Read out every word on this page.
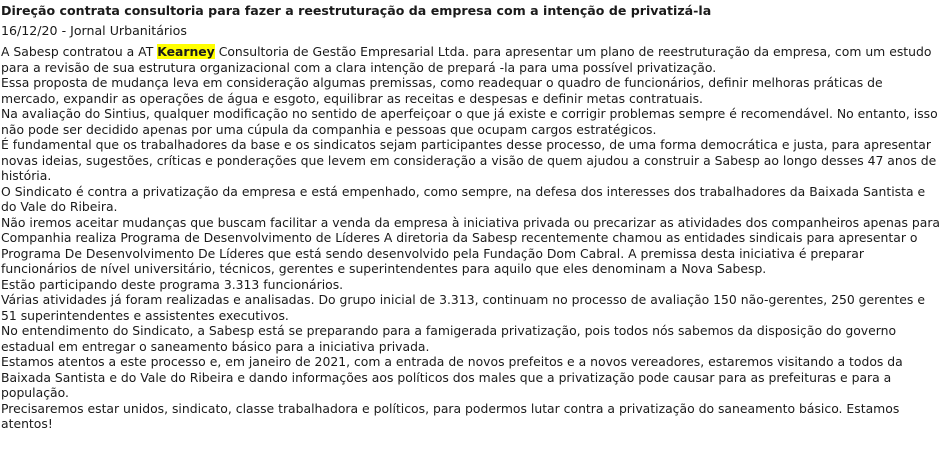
Direção contrata consultoria para fazer a reestruturação da empresa com a intenção de privatizá-la
16/12/20 - Jornal Urbanitários

A Sabesp contratou a AT Kearney Consultoria de Gestão Empresarial Ltda. para apresentar um plano de reestruturação da empresa, com um estudo para a revisão de sua estrutura organizacional com a clara intenção de prepará -la para uma possível privatização.

Essa proposta de mudança leva em consideração algumas premissas, como readequar o quadro de funcionários, definir melhoras práticas de mercado, expandir as operações de água e esgoto, equilibrar as receitas e despesas e definir metas contratuais.

Na avaliação do Sintius, qualquer modificação no sentido de aperfeiçoar o que já existe e corrigir problemas sempre é recomendável. No entanto, isso não pode ser decidido apenas por uma cúpula da companhia e pessoas que ocupam cargos estratégicos.

É fundamental que os trabalhadores da base e os sindicatos sejam participantes desse processo, de uma forma democrática e justa, para apresentar novas ideias, sugestões, críticas e ponderações que levem em consideração a visão de quem ajudou a construir a Sabesp ao longo desses 47 anos de história.

O Sindicato é contra a privatização da empresa e está empenhado, como sempre, na defesa dos interesses dos trabalhadores da Baixada Santista e do Vale do Ribeira.

Não iremos aceitar mudanças que buscam facilitar a venda da empresa à iniciativa privada ou precarizar as atividades dos companheiros apenas para Companhia realiza Programa de Desenvolvimento de Líderes A diretoria da Sabesp recentemente chamou as entidades sindicais para apresentar o Programa De Desenvolvimento De Líderes que está sendo desenvolvido pela Fundação Dom Cabral. A premissa desta iniciativa é preparar funcionários de nível universitário, técnicos, gerentes e superintendentes para aquilo que eles denominam a Nova Sabesp.

Estão participando deste programa 3.313 funcionários.

Várias atividades já foram realizadas e analisadas. Do grupo inicial de 3.313, continuam no processo de avaliação 150 não-gerentes, 250 gerentes e 51 superintendentes e assistentes executivos.

No entendimento do Sindicato, a Sabesp está se preparando para a famigerada privatização, pois todos nós sabemos da disposição do governo estadual em entregar o saneamento básico para a iniciativa privada.

Estamos atentos a este processo e, em janeiro de 2021, com a entrada de novos prefeitos e a novos vereadores, estaremos visitando a todos da Baixada Santista e do Vale do Ribeira e dando informações aos políticos dos males que a privatização pode causar para as prefeituras e para a população.

Precisaremos estar unidos, sindicato, classe trabalhadora e políticos, para podermos lutar contra a privatização do saneamento básico. Estamos atentos!
